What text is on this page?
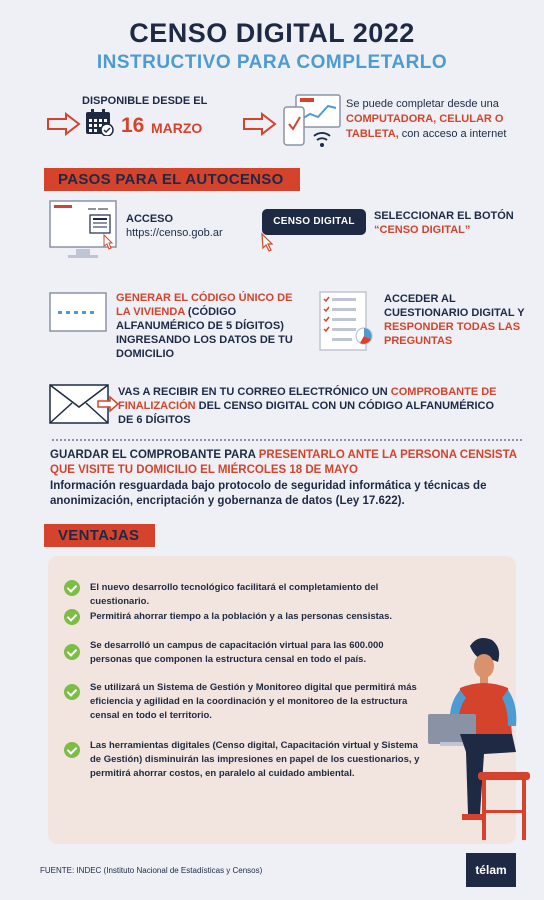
CENSO DIGITAL 2022
INSTRUCTIVO PARA COMPLETARLO
DISPONIBLE DESDE EL
16 MARZO
Se puede completar desde una COMPUTADORA, CELULAR O TABLETA, con acceso a internet
PASOS PARA EL AUTOCENSO
ACCESO
https://censo.gob.ar
CENSO DIGITAL	SELECCIONAR EL BOTÓN
“CENSO DIGITAL”
GENERAR EL CÓDIGO ÚNICO DE LA VIVIENDA (CÓDIGO ALFANUMÉRICO DE 5 DÍGITOS) INGRESANDO LOS DATOS DE TU DOMICILIO
ACCEDER AL CUESTIONARIO DIGITAL Y RESPONDER TODAS LAS PREGUNTAS
VAS A RECIBIR EN TU CORREO ELECTRÓNICO UN COMPROBANTE DE FINALIZACIÓN DEL CENSO DIGITAL CON UN CÓDIGO ALFANUMÉRICO DE 6 DÍGITOS
GUARDAR EL COMPROBANTE PARA PRESENTARLO ANTE LA PERSONA CENSISTA QUE VISITE TU DOMICILIO EL MIÉRCOLES 18 DE MAYO
Información resguardada bajo protocolo de seguridad informática y técnicas de anonimización, encriptación y gobernanza de datos (Ley 17.622).
VENTAJAS
El nuevo desarrollo tecnológico facilitará el completamiento del cuestionario.
Permitirá ahorrar tiempo a la población y a las personas censistas.
Se desarrolló un campus de capacitación virtual para las 600.000 personas que componen la estructura censal en todo el país.
Se utilizará un Sistema de Gestión y Monitoreo digital que permitirá más eficiencia y agilidad en la coordinación y el monitoreo de la estructura censal en todo el territorio.
Las herramientas digitales (Censo digital, Capacitación virtual y Sistema de Gestión) disminuirán las impresiones en papel de los cuestionarios, y permitirá ahorrar costos, en paralelo al cuidado ambiental.
FUENTE: INDEC (Instituto Nacional de Estadísticas y Censos)	télam
